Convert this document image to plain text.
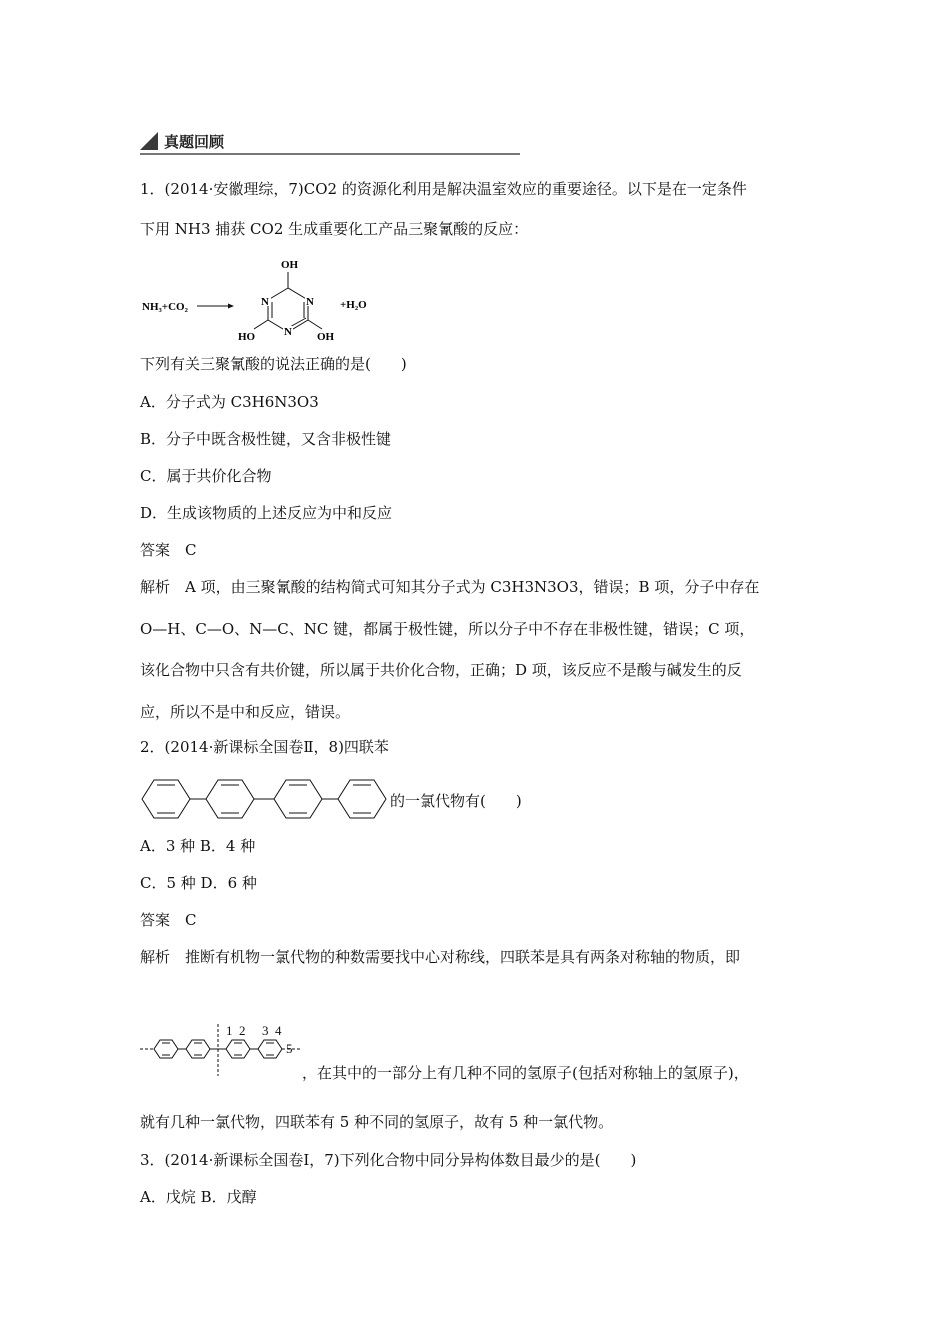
真题回顾
1．(2014·安徽理综，7)CO2 的资源化利用是解决温室效应的重要途径。以下是在一定条件
下用 NH3 捕获 CO2 生成重要化工产品三聚氰酸的反应：
NH₃+CO₂	N	N
N
OH
HO	OH
+H₂O
下列有关三聚氰酸的说法正确的是(　　)
A．分子式为 C3H6N3O3
B．分子中既含极性键，又含非极性键
C．属于共价化合物
D．生成该物质的上述反应为中和反应
答案　C
解析　A 项，由三聚氰酸的结构简式可知其分子式为 C3H3N3O3，错误；B 项，分子中存在
O—H、C—O、N—C、NC 键，都属于极性键，所以分子中不存在非极性键，错误；C 项，
该化合物中只含有共价键，所以属于共价化合物，正确；D 项，该反应不是酸与碱发生的反
应，所以不是中和反应，错误。
2．(2014·新课标全国卷Ⅱ，8)四联苯
的一氯代物有(　　)
A．3 种 B．4 种
C．5 种 D．6 种
答案　C
解析　推断有机物一氯代物的种数需要找中心对称线，四联苯是具有两条对称轴的物质，即
1 2 3 4
5
，在其中的一部分上有几种不同的氢原子(包括对称轴上的氢原子)，
就有几种一氯代物，四联苯有 5 种不同的氢原子，故有 5 种一氯代物。
3．(2014·新课标全国卷Ⅰ，7)下列化合物中同分异构体数目最少的是(　　)
A．戊烷 B．戊醇
